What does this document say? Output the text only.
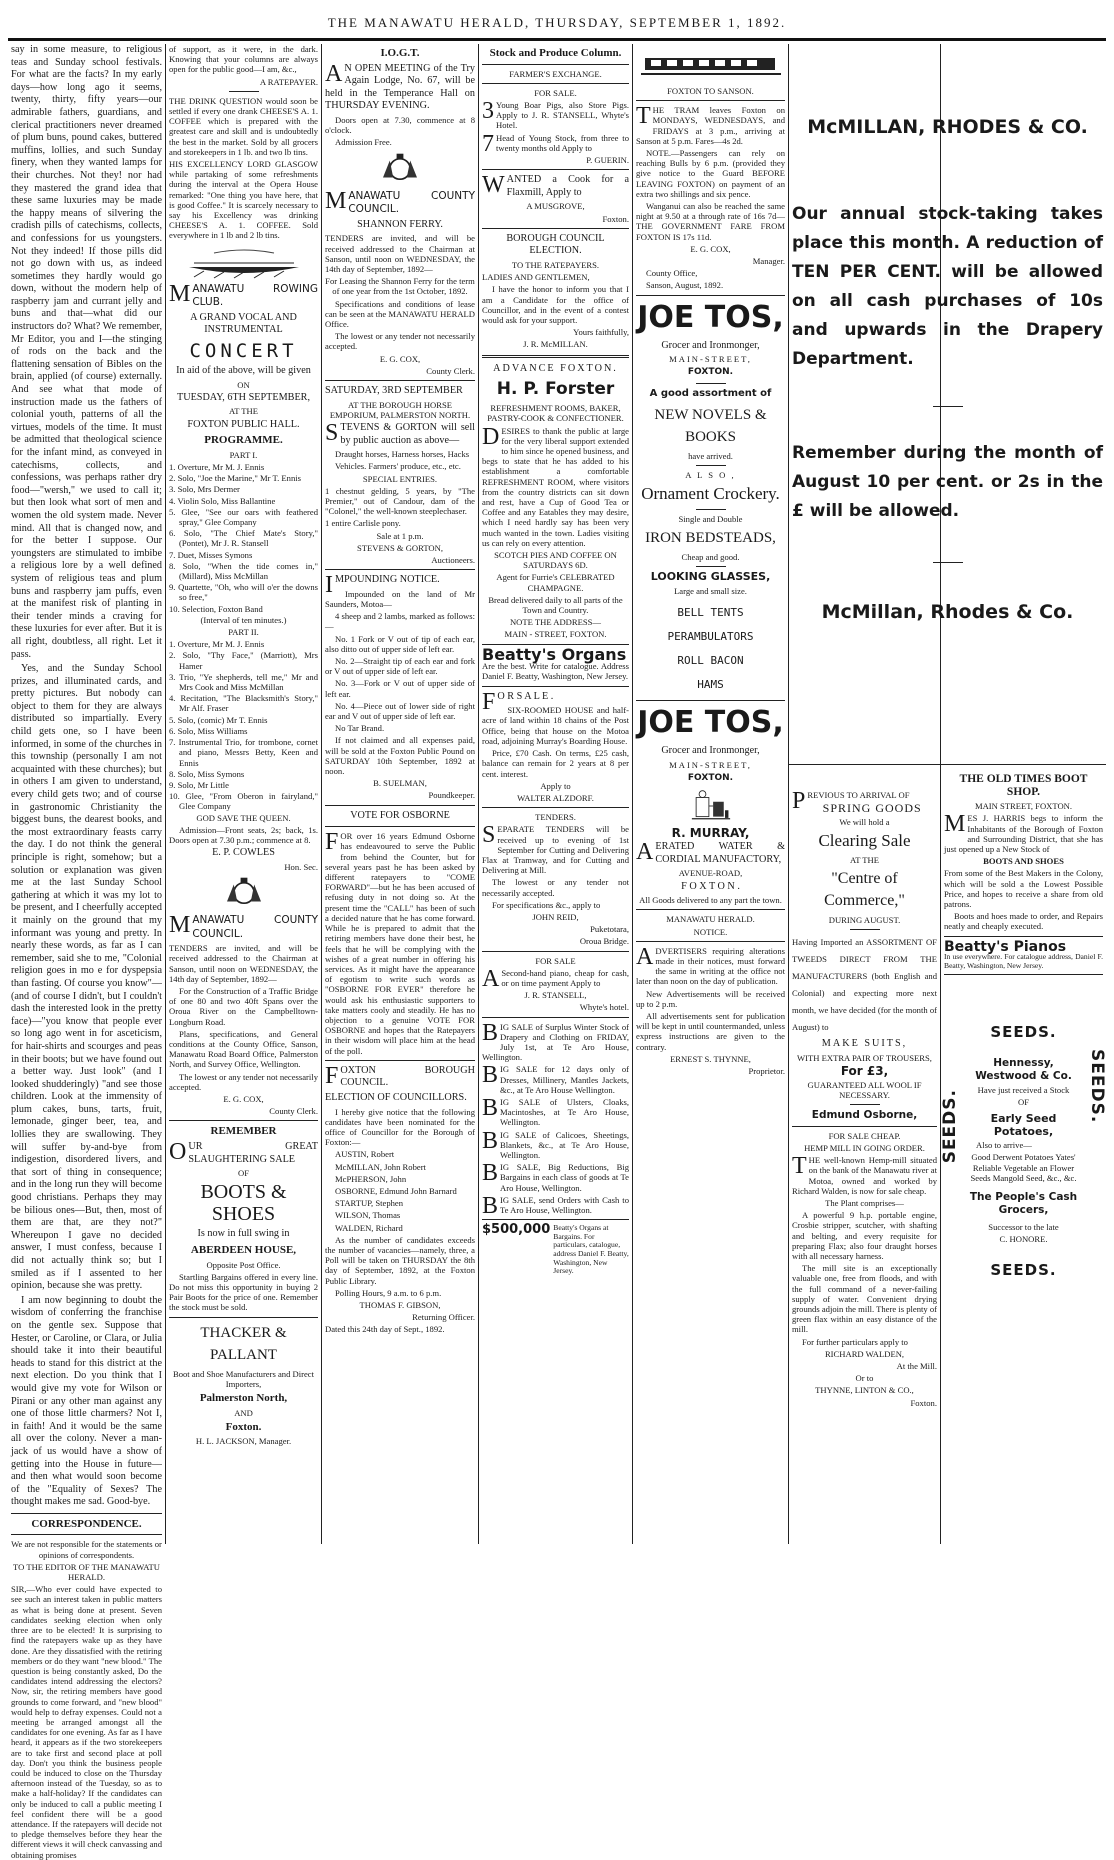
THE MANAWATU HERALD, THURSDAY, SEPTEMBER 1, 1892.

say in some measure, to religious teas and Sunday school festivals. For what are the facts? In my early days—how long ago it seems, twenty, thirty, fifty years—our admirable fathers, guardians, and clerical practitioners never dreamed of plum buns, pound cakes, buttered muffins, lollies, and such Sunday finery, when they wanted lamps for their churches. Not they! nor had they mastered the grand idea that these same luxuries may be made the happy means of silvering the cradish pills of catechisms, collects, and confessions for us youngsters. Not they indeed! If those pills did not go down with us, as indeed sometimes they hardly would go down, without the modern help of raspberry jam and currant jelly and buns and that—what did our instructors do? What? We remember, Mr Editor, you and I—the stinging of rods on the back and the flattening sensation of Bibles on the brain, applied (of course) externally. And see what that mode of instruction made us the fathers of colonial youth, patterns of all the virtues, models of the time. It must be admitted that theological science for the infant mind, as conveyed in catechisms, collects, and confessions, was perhaps rather dry food—"wersh," we used to call it; but then look what sort of men and women the old system made. Never mind. All that is changed now, and for the better I suppose. Our youngsters are stimulated to imbibe a religious lore by a well defined system of religious teas and plum buns and raspberry jam puffs, even at the manifest risk of planting in their tender minds a craving for these luxuries for ever after. But it is all right, doubtless, all right. Let it pass.

Yes, and the Sunday School prizes, and illuminated cards, and pretty pictures. But nobody can object to them for they are always distributed so impartially. Every child gets one, so I have been informed, in some of the churches in this township (personally I am not acquainted with these churches); but in others I am given to understand, every child gets two; and of course in gastronomic Christianity the biggest buns, the dearest books, and the most extraordinary feasts carry the day. I do not think the general principle is right, somehow; but a solution or explanation was given me at the last Sunday School gathering at which it was my lot to be present, and I cheerfully accepted it mainly on the ground that my informant was young and pretty. In nearly these words, as far as I can remember, said she to me, "Colonial religion goes in mo e for dyspepsia than fasting. Of course you know"—(and of course I didn't, but I couldn't dash the interested look in the pretty face)—"you know that people ever so long ago went in for asceticism, for hair-shirts and scourges and peas in their boots; but we have found out a better way. Just look" (and I looked shudderingly) "and see those children. Look at the immensity of plum cakes, buns, tarts, fruit, lemonade, ginger beer, tea, and lollies they are swallowing. They will suffer by-and-bye from indigestion, disordered livers, and that sort of thing in consequence; and in the long run they will become good christians. Perhaps they may be bilious ones—But, then, most of them are that, are they not?" Whereupon I gave no decided answer, I must confess, because I did not actually think so; but I smiled as if I assented to her opinion, because she was pretty.

I am now beginning to doubt the wisdom of conferring the franchise on the gentle sex. Suppose that Hester, or Caroline, or Clara, or Julia should take it into their beautiful heads to stand for this district at the next election. Do you think that I would give my vote for Wilson or Pirani or any other man against any one of those little charmers? Not I, in faith! And it would be the same all over the colony. Never a man-jack of us would have a show of getting into the House in future—and then what would soon become of the "Equality of Sexes? The thought makes me sad. Good-bye.

CORRESPONDENCE.

We are not responsible for the statements or opinions of correspondents.

TO THE EDITOR OF THE MANAWATU HERALD.

SIR,—Who ever could have expected to see such an interest taken in public matters as what is being done at present. Seven candidates seeking election when only three are to be elected! It is surprising to find the ratepayers wake up as they have done. Are they dissatisfied with the retiring members or do they want "new blood." The question is being constantly asked, Do the candidates intend addressing the electors? Now, sir, the retiring members have good grounds to come forward, and "new blood" would help to defray expenses. Could not a meeting be arranged amongst all the candidates for one evening. As far as I have heard, it appears as if the two storekeepers are to take first and second place at poll day. Don't you think the business people could be induced to close on the Thursday afternoon instead of the Tuesday, so as to make a half-holiday? If the candidates can only be induced to call a public meeting I feel confident there will be a good attendance. If the ratepayers will decide not to pledge themselves before they hear the different views it will check canvassing and obtaining promises

of support, as it were, in the dark. Knowing that your columns are always open for the public good—I am, &c.,

A RATEPAYER.

THE DRINK QUESTION would soon be settled if every one drank CHEESE'S A. 1. COFFEE which is prepared with the greatest care and skill and is undoubtedly the best in the market. Sold by all grocers and storekeepers in 1 lb. and two lb tins.

HIS EXCELLENCY LORD GLASGOW while partaking of some refreshments during the interval at the Opera House remarked: "One thing you have here, that is good Coffee." It is scarcely necessary to say his Excellency was drinking CHEESE'S A. 1. COFFEE. Sold everywhere in 1 lb and 2 lb tins.

MANAWATU ROWING CLUB.

A GRAND VOCAL AND INSTRUMENTAL

CONCERT

In aid of the above, will be given

ON

TUESDAY, 6TH SEPTEMBER,

AT THE

FOXTON PUBLIC HALL.

PROGRAMME.

PART I.

1. Overture, Mr M. J. Ennis

2. Solo, "Joe the Marine," Mr T. Ennis

3. Solo, Mrs Dermer

4. Violin Solo, Miss Ballantine

5. Glee, "See our oars with feathered spray," Glee Company

6. Solo, "The Chief Mate's Story," (Pontet), Mr J. R. Stansell

7. Duet, Misses Symons

8. Solo, "When the tide comes in," (Millard), Miss McMillan

9. Quartette, "Oh, who will o'er the downs so free,"

10. Selection, Foxton Band

(Interval of ten minutes.)

PART II.

1. Overture, Mr M. J. Ennis

2. Solo, "Thy Face," (Marriott), Mrs Hamer

3. Trio, "Ye shepherds, tell me," Mr and Mrs Cook and Miss McMillan

4. Recitation, "The Blacksmith's Story," Mr Alf. Fraser

5. Solo, (comic) Mr T. Ennis

6. Solo, Miss Williams

7. Instrumental Trio, for trombone, cornet and piano, Messrs Betty, Keen and Ennis

8. Solo, Miss Symons

9. Solo, Mr Little

10. Glee, "From Oberon in fairyland," Glee Company

GOD SAVE THE QUEEN.

Admission—Front seats, 2s; back, 1s. Doors open at 7.30 p.m.; commence at 8.

E. P. COWLES

Hon. Sec.

MANAWATU COUNTY COUNCIL.

TENDERS are invited, and will be received addressed to the Chairman at Sanson, until noon on WEDNESDAY, the 14th day of September, 1892—

For the Construction of a Traffic Bridge of one 80 and two 40ft Spans over the Oroua River on the Campbelltown-Longburn Road.

Plans, specifications, and General conditions at the County Office, Sanson, Manawatu Road Board Office, Palmerston North, and Survey Office, Wellington.

The lowest or any tender not necessarily accepted.

E. G. COX,

County Clerk.

REMEMBER

OUR GREAT SLAUGHTERING SALE

OF

BOOTS & SHOES

Is now in full swing in

ABERDEEN HOUSE,

Opposite Post Office.

Startling Bargains offered in every line. Do not miss this opportunity in buying 2 Pair Boots for the price of one. Remember the stock must be sold.

THACKER & PALLANT

Boot and Shoe Manufacturers and Direct Importers,

Palmerston North,

AND

Foxton.

H. L. JACKSON, Manager.

I.O.G.T.

A N OPEN MEETING of the Try Again Lodge, No. 67, will be held in the Temperance Hall on THURSDAY EVENING.

Doors open at 7.30, commence at 8 o'clock.

Admission Free.

MANAWATU COUNTY COUNCIL.

SHANNON FERRY.

TENDERS are invited, and will be received addressed to the Chairman at Sanson, until noon on WEDNESDAY, the 14th day of September, 1892—

For Leasing the Shannon Ferry for the term of one year from the 1st October, 1892.

Specifications and conditions of lease can be seen at the MANAWATU HERALD Office.

The lowest or any tender not necessarily accepted.

E. G. COX,

County Clerk.

SATURDAY, 3RD SEPTEMBER

AT THE BOROUGH HORSE EMPORIUM, PALMERSTON NORTH.

STEVENS & GORTON will sell by public auction as above—

Draught horses, Harness horses, Hacks

Vehicles. Farmers' produce, etc., etc.

SPECIAL ENTRIES.

1 chestnut gelding, 5 years, by "The Premier," out of Candour, dam of the "Colonel," the well-known steeplechaser.

1 entire Carlisle pony.

Sale at 1 p.m.

STEVENS & GORTON,

Auctioneers.

IMPOUNDING NOTICE.

Impounded on the land of Mr Saunders, Motoa—

4 sheep and 2 lambs, marked as follows:—

No. 1 Fork or V out of tip of each ear, also ditto out of upper side of left ear.

No. 2—Straight tip of each ear and fork or V out of upper side of left ear.

No. 3—Fork or V out of upper side of left ear.

No. 4—Piece out of lower side of right ear and V out of upper side of left ear.

No Tar Brand.

If not claimed and all expenses paid, will be sold at the Foxton Public Pound on SATURDAY 10th September, 1892 at noon.

B. SUELMAN,

Poundkeeper.

VOTE FOR OSBORNE

FOR over 16 years Edmund Osborne has endeavoured to serve the Public from behind the Counter, but for several years past he has been asked by different ratepayers to "COME FORWARD"—but he has been accused of refusing duty in not doing so. At the present time the "CALL" has been of such a decided nature that he has come forward. While he is prepared to admit that the retiring members have done their best, he feels that he will be complying with the wishes of a great number in offering his services. As it might have the appearance of egotism to write such words as "OSBORNE FOR EVER" therefore he would ask his enthusiastic supporters to take matters cooly and steadily. He has no objection to a genuine VOTE FOR OSBORNE and hopes that the Ratepayers in their wisdom will place him at the head of the poll.

FOXTON BOROUGH COUNCIL.

ELECTION OF COUNCILLORS.

I hereby give notice that the following candidates have been nominated for the office of Councillor for the Borough of Foxton:—

AUSTIN, Robert

McMILLAN, John Robert

McPHERSON, John

OSBORNE, Edmund John Barnard

STARTUP, Stephen

WILSON, Thomas

WALDEN, Richard

As the number of candidates exceeds the number of vacancies—namely, three, a Poll will be taken on THURSDAY the 8th day of September, 1892, at the Foxton Public Library.

Polling Hours, 9 a.m. to 6 p.m.

THOMAS F. GIBSON,

Returning Officer.

Dated this 24th day of Sept., 1892.

Stock and Produce Column.

FARMER'S EXCHANGE.

FOR SALE.

3 Young Boar Pigs, also Store Pigs. Apply to J. R. STANSELL, Whyte's Hotel.

7 Head of Young Stock, from three to twenty months old Apply to

P. GUERIN.

WANTED a Cook for a Flaxmill, Apply to

A MUSGROVE,

Foxton.

BOROUGH COUNCIL ELECTION.

TO THE RATEPAYERS.

LADIES AND GENTLEMEN,

I have the honor to inform you that I am a Candidate for the office of Councillor, and in the event of a contest would ask for your support.

Yours faithfully,

J. R. McMILLAN.

ADVANCE FOXTON.

H. P. Forster

REFRESHMENT ROOMS, BAKER, PASTRY-COOK & CONFECTIONER.

DESIRES to thank the public at large for the very liberal support extended to him since he opened business, and begs to state that he has added to his establishment a comfortable REFRESHMENT ROOM, where visitors from the country districts can sit down and rest, have a Cup of Good Tea or Coffee and any Eatables they may desire, which I need hardly say has been very much wanted in the town. Ladies visiting us can rely on every attention.

SCOTCH PIES AND COFFEE ON SATURDAYS 6D.

Agent for Furrie's CELEBRATED CHAMPAGNE.

Bread delivered daily to all parts of the Town and Country.

NOTE THE ADDRESS—

MAIN - STREET, FOXTON.

Beatty's Organs

Are the best. Write for catalogue. Address Daniel F. Beatty, Washington, New Jersey.

F O R S A L E .

SIX-ROOMED HOUSE and half-acre of land within 18 chains of the Post Office, being that house on the Motoa road, adjoining Murray's Boarding House.

Price, £70 Cash. On terms, £25 cash, balance can remain for 2 years at 8 per cent. interest.

Apply to

WALTER ALZDORF.

TENDERS.

SEPARATE TENDERS will be received up to evening of 1st September for Cutting and Delivering Flax at Tramway, and for Cutting and Delivering at Mill.

The lowest or any tender not necessarily accepted.

For specifications &c., apply to

JOHN REID,

Puketotara,

Oroua Bridge.

FOR SALE

A Second-hand piano, cheap for cash, or on time payment Apply to

J. R. STANSELL,

Whyte's hotel.

BIG SALE of Surplus Winter Stock of Drapery and Clothing on FRIDAY, July 1st, at Te Aro House, Wellington.

BIG SALE for 12 days only of Dresses, Millinery, Mantles Jackets, &c., at Te Aro House Wellington.

BIG SALE of Ulsters, Cloaks, Macintoshes, at Te Aro House, Wellington.

BIG SALE of Calicoes, Sheetings, Blankets, &c., at Te Aro House, Wellington.

BIG SALE, Big Reductions, Big Bargains in each class of goods at Te Aro House, Wellington.

BIG SALE, send Orders with Cash to Te Aro House, Wellington.

$500,000 Beatty's Organs at Bargains. For particulars, catalogue, address Daniel F. Beatty, Washington, New Jersey.

FOXTON TO SANSON.

THE TRAM leaves Foxton on MONDAYS, WEDNESDAYS, and FRIDAYS at 3 p.m., arriving at Sanson at 5 p.m. Fares—4s 2d.

NOTE.—Passengers can rely on reaching Bulls by 6 p.m. (provided they give notice to the Guard BEFORE LEAVING FOXTON) on payment of an extra two shillings and six pence.

Wanganui can also be reached the same night at 9.50 at a through rate of 16s 7d—THE GOVERNMENT FARE FROM FOXTON IS 17s 11d.

E. G. COX,

Manager.

County Office,

Sanson, August, 1892.

JOE TOS,

Grocer and Ironmonger,

MAIN-STREET,

FOXTON.

A good assortment of

NEW NOVELS & BOOKS

have arrived.

A L S O ,

Ornament Crockery.

Single and Double

IRON BEDSTEADS,

Cheap and good.

LOOKING GLASSES,

Large and small size.

BELL TENTS

PERAMBULATORS

ROLL BACON

HAMS

JOE TOS,

Grocer and Ironmonger,

MAIN-STREET,

FOXTON.

R. MURRAY,

AERATED WATER & CORDIAL MANUFACTORY,

AVENUE-ROAD,

F O X T O N .

All Goods delivered to any part the town.

MANAWATU HERALD.

NOTICE.

ADVERTISERS requiring alterations made in their notices, must forward the same in writing at the office not later than noon on the day of publication.

New Advertisements will be received up to 2 p.m.

All advertisements sent for publication will be kept in until countermanded, unless express instructions are given to the contrary.

ERNEST S. THYNNE,

Proprietor.

McMILLAN, RHODES & CO.

Our annual stock-taking takes place this month. A reduction of TEN PER CENT. will be allowed on all cash purchases of 10s and upwards in the Drapery Department.

Remember during the month of August 10 per cent. or 2s in the £ will be allowed.

McMillan, Rhodes & Co.

PREVIOUS TO ARRIVAL OF

SPRING GOODS

We will hold a

Clearing Sale

AT THE

"Centre of Commerce,"

DURING AUGUST.

Having Imported an ASSORTMENT OF TWEEDS DIRECT FROM THE MANUFACTURERS (both English and Colonial) and expecting more next month, we have decided (for the month of August) to

MAKE SUITS,

WITH EXTRA PAIR OF TROUSERS,

For £3,

GUARANTEED ALL WOOL IF NECESSARY.

Edmund Osborne,

FOR SALE CHEAP.

HEMP MILL IN GOING ORDER.

THE well-known Hemp-mill situated on the bank of the Manawatu river at Motoa, owned and worked by Richard Walden, is now for sale cheap.

The Plant comprises—

A powerful 9 h.p. portable engine, Crosbie stripper, scutcher, with shafting and belting, and every requisite for preparing Flax; also four draught horses with all necessary harness.

The mill site is an exceptionally valuable one, free from floods, and with the full command of a never-failing supply of water. Convenient drying grounds adjoin the mill. There is plenty of green flax within an easy distance of the mill.

For further particulars apply to

RICHARD WALDEN,

At the Mill.

Or to

THYNNE, LINTON & CO.,

Foxton.

THE OLD TIMES BOOT SHOP.

MAIN STREET, FOXTON.

MES J. HARRIS begs to inform the Inhabitants of the Borough of Foxton and Surrounding District, that she has just opened up a New Stock of

BOOTS AND SHOES

From some of the Best Makers in the Colony, which will be sold a the Lowest Possible Price, and hopes to receive a share from old patrons.

Boots and hoes made to order, and Repairs neatly and cheaply executed.

Beatty's Pianos

In use everywhere. For catalogue address, Daniel F. Beatty, Washington, New Jersey.

SEEDS.
SEEDS.
SEEDS.

Hennessy, Westwood & Co.

Have just received a Stock

OF

Early Seed Potatoes,

Also to arrive—

Good Derwent Potatoes Yates' Reliable Vegetable an Flower Seeds Mangold Seed, &c., &c.

The People's Cash Grocers,

Successor to the late

C. HONORE.

SEEDS.
